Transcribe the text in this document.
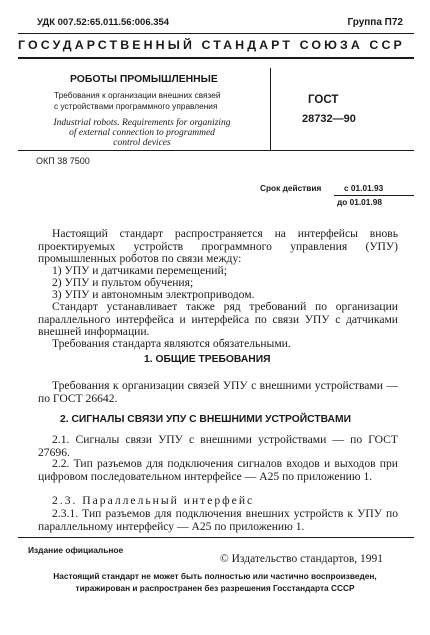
УДК 007.52:65.011.56:006.354	Группа П72
ГОСУДАРСТВЕННЫЙ СТАНДАРТ СОЮЗА ССР
РОБОТЫ ПРОМЫШЛЕННЫЕ
Требования к организации внешних связей
с устройствами программного управления
Industrial robots. Requirements for organizing
of external connection to programmed
control devices
ГОСТ
28732—90
ОКП 38 7500
Срок действия	с 01.01.93
до 01.01.98
Настоящий стандарт распространяется на интерфейсы вновь проектируемых устройств программного управления (УПУ) промышленных роботов по связи между:
1) УПУ и датчиками перемещений;
2) УПУ и пультом обучения;
3) УПУ и автономным электроприводом.
Стандарт устанавливает также ряд требований по организации параллельного интерфейса и интерфейса по связи УПУ с датчиками внешней информации.
Требования стандарта являются обязательными.
1. ОБЩИЕ ТРЕБОВАНИЯ
Требования к организации связей УПУ с внешними устройствами — по ГОСТ 26642.
2. СИГНАЛЫ СВЯЗИ УПУ С ВНЕШНИМИ УСТРОЙСТВАМИ
2.1. Сигналы связи УПУ с внешними устройствами — по ГОСТ 27696.
2.2. Тип разъемов для подключения сигналов входов и выходов при цифровом последовательном интерфейсе — А25 по приложению 1.
2.3. Параллельный интерфейс
2.3.1. Тип разъемов для подключения внешних устройств к УПУ по параллельному интерфейсу — А25 по приложению 1.
Издание официальное
© Издательство стандартов, 1991
Настоящий стандарт не может быть полностью или частично воспроизведен,
тиражирован и распространен без разрешения Госстандарта СССР
